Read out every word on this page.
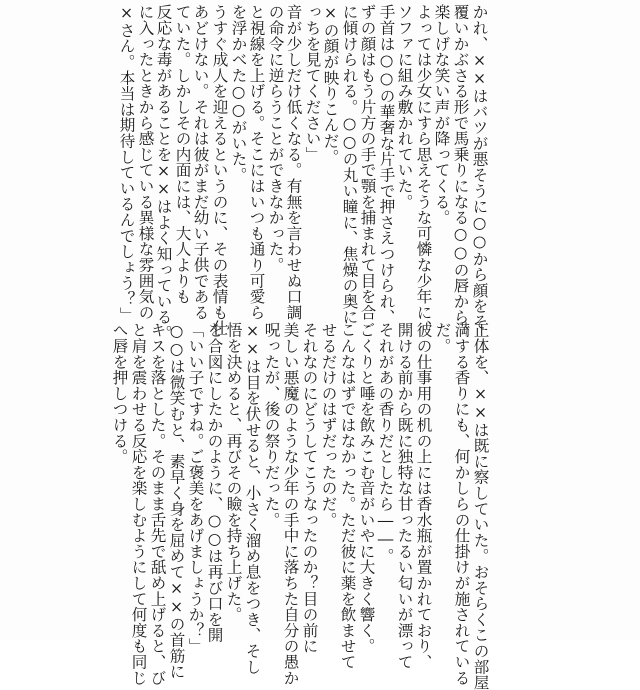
×さん。本当は期待しているんでしょう？」 に入ったときから感じている異様な雰囲気の 反応な毒があることを××はよく知っている。 ていた。しかしその内面には、大人よりも あどけない。それは彼がまだ幼い子供である うすぐ成人を迎えるというのに、その表情も仕 を浮かべた○○がいた。 と視線を上げる。そこにはいつも通り可愛ら の命令に逆らうことができなかった。 音が少しだけ低くなる。有無を言わせぬ口調 っちを見てください」 ×の顔が映りこんだ。 に傾けられる。○○の丸い瞳に、焦燥の奥に ずの顔はもう片方の手で顎を捕まれて目を合 手首は○○の華奢な片手で押さえつけられ、 ソファに組み敷かれていた。 よっては少女にすら思えそうな可憐な少年に、 楽しげな笑い声が降ってくる。 覆いかぶさる形で馬乗りになる○○の唇から、 かれ、××はバツが悪そうに○○から顔をそ

へ唇を押しつける。 と肩を震わせる反応を楽しむようにして何度も同じ キスを落とした。そのまま舌先で舐め上げると、び ○○は微笑むと、素早く身を屈めて××の首筋に 「いい子ですね。ご褒美をあげましょうか？」 を合図にしたかのように、○○は再び口を開 悟を決めると、再びその瞼を持ち上げた。 ××は目を伏せると、小さく溜め息をつき、そし 呪ったが、後の祭りだった。 美しい悪魔のような少年の手中に落ちた自分の愚か それなのにどうしてこうなったのか？目の前に せるだけのはずだったのだ。 こんなはずではなかった。ただ彼に薬を飲ませて ごくりと唾を飲みこむ音がいやに大きく響く。 それがあの香りだとしたら――。 開ける前から既に独特な甘ったるい匂いが漂って 彼の仕事用の机の上には香水瓶が置かれており、 だ。 満する香りにも、何かしらの仕掛けが施されている 正体を、××は既に察していた。おそらくこの部屋
